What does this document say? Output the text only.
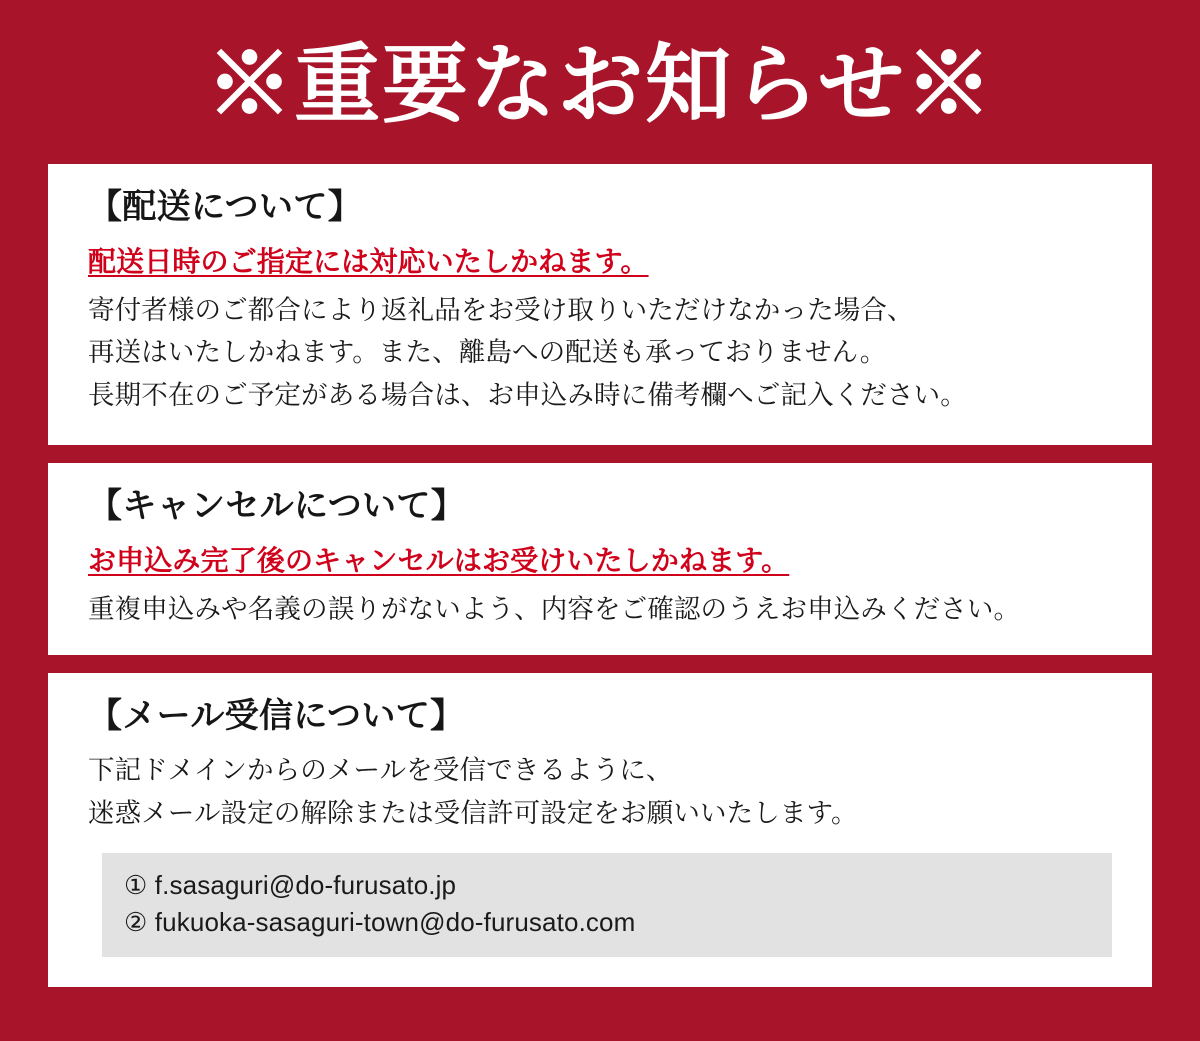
※重要なお知らせ※

【配送について】

配送日時のご指定には対応いたしかねます。

寄付者様のご都合により返礼品をお受け取りいただけなかった場合、

再送はいたしかねます。また、離島への配送も承っておりません。

長期不在のご予定がある場合は、お申込み時に備考欄へご記入ください。

【キャンセルについて】

お申込み完了後のキャンセルはお受けいたしかねます。

重複申込みや名義の誤りがないよう、内容をご確認のうえお申込みください。

【メール受信について】

下記ドメインからのメールを受信できるように、

迷惑メール設定の解除または受信許可設定をお願いいたします。

① f.sasaguri@do-furusato.jp
② fukuoka-sasaguri-town@do-furusato.com
